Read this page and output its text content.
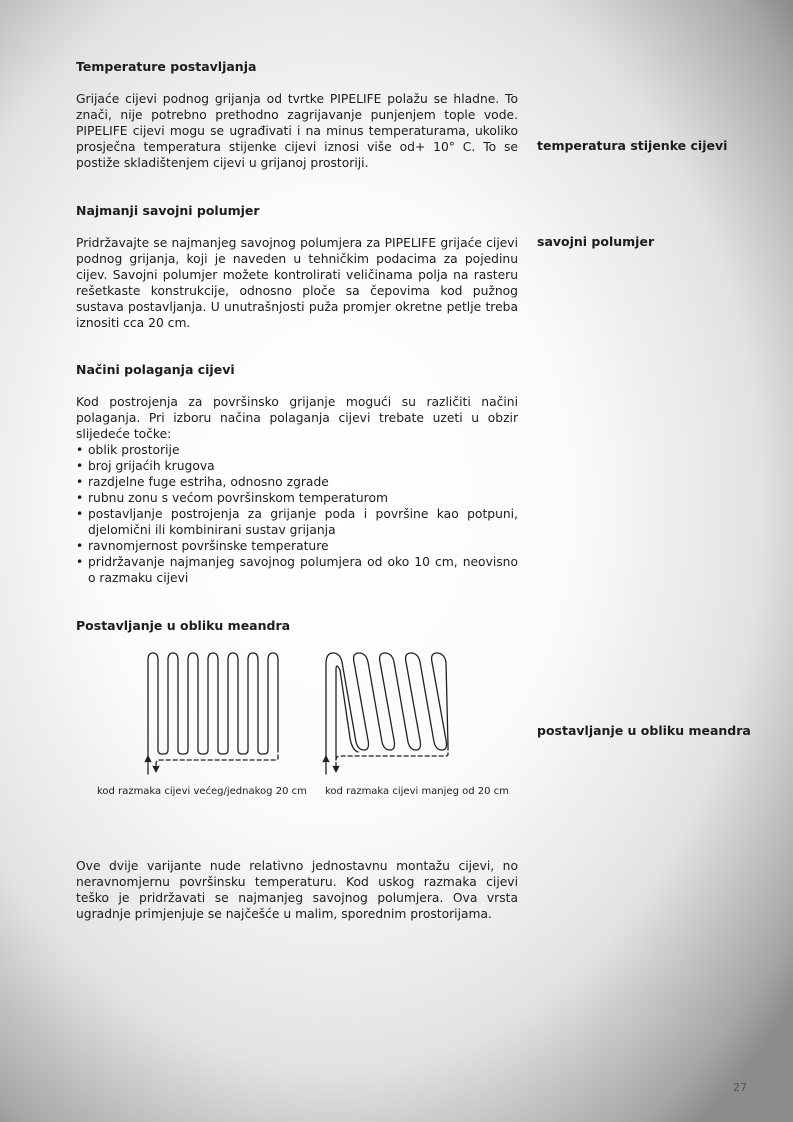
Temperature postavljanja

Grijaće cijevi podnog grijanja od tvrtke PIPELIFE polažu se hladne. To znači, nije potrebno prethodno zagrijavanje punjenjem tople vode. PIPELIFE cijevi mogu se ugrađivati i na minus temperaturama, ukoliko prosječna temperatura stijenke cijevi iznosi više od+ 10° C. To se postiže skladištenjem cijevi u grijanoj prostoriji.

temperatura stijenke cijevi
Najmanji savojni polumjer

Pridržavajte se najmanjeg savojnog polumjera za PIPELIFE grijaće cijevi podnog grijanja, koji je naveden u tehničkim podacima za pojedinu cijev. Savojni polumjer možete kontrolirati veličinama polja na rasteru rešetkaste konstrukcije, odnosno ploče sa čepovima kod pužnog sustava postavljanja. U unutrašnjosti puža promjer okretne petlje treba iznositi cca 20 cm.

savojni polumjer
Načini polaganja cijevi

Kod postrojenja za površinsko grijanje mogući su različiti načini polaganja. Pri izboru načina polaganja cijevi trebate uzeti u obzir slijedeće točke:

• oblik prostorije
• broj grijaćih krugova
• razdjelne fuge estriha, odnosno zgrade
• rubnu zonu s većom površinskom temperaturom
• postavljanje postrojenja za grijanje poda i površine kao potpuni, djelomični ili kombinirani sustav grijanja
• ravnomjernost površinske temperature
• pridržavanje najmanjeg savojnog polumjera od oko 10 cm, neovisno o razmaku cijevi
Postavljanje u obliku meandra
postavljanje u obliku meandra
kod razmaka cijevi većeg/jednakog 20 cm kod razmaka cijevi manjeg od 20 cm

Ove dvije varijante nude relativno jednostavnu montažu cijevi, no neravnomjernu površinsku temperaturu. Kod uskog razmaka cijevi teško je pridržavati se najmanjeg savojnog polumjera. Ova vrsta ugradnje primjenjuje se najčešće u malim, sporednim prostorijama.

27
